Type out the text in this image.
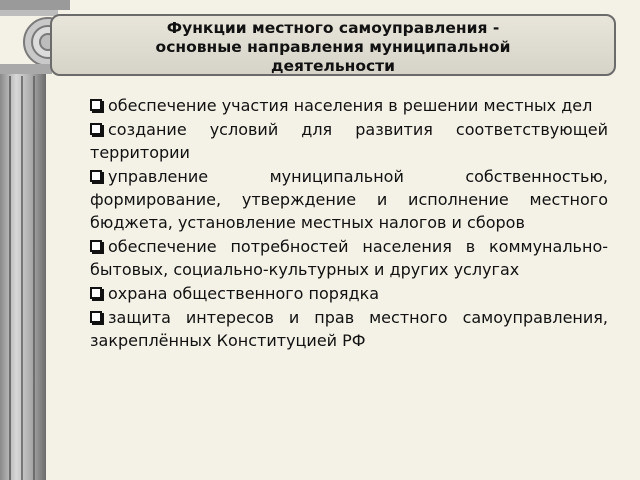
Функции местного самоуправления -
основные направления муниципальной
деятельности
обеспечение участия населения в решении местных дел
создание условий для развития соответствующей территории
управление муниципальной собственностью, формирование, утверждение и исполнение местного бюджета, установление местных налогов и сборов
обеспечение потребностей населения в коммунально-бытовых, социально-культурных и других услугах
охрана общественного порядка
защита интересов и прав местного самоуправления, закреплённых Конституцией РФ
